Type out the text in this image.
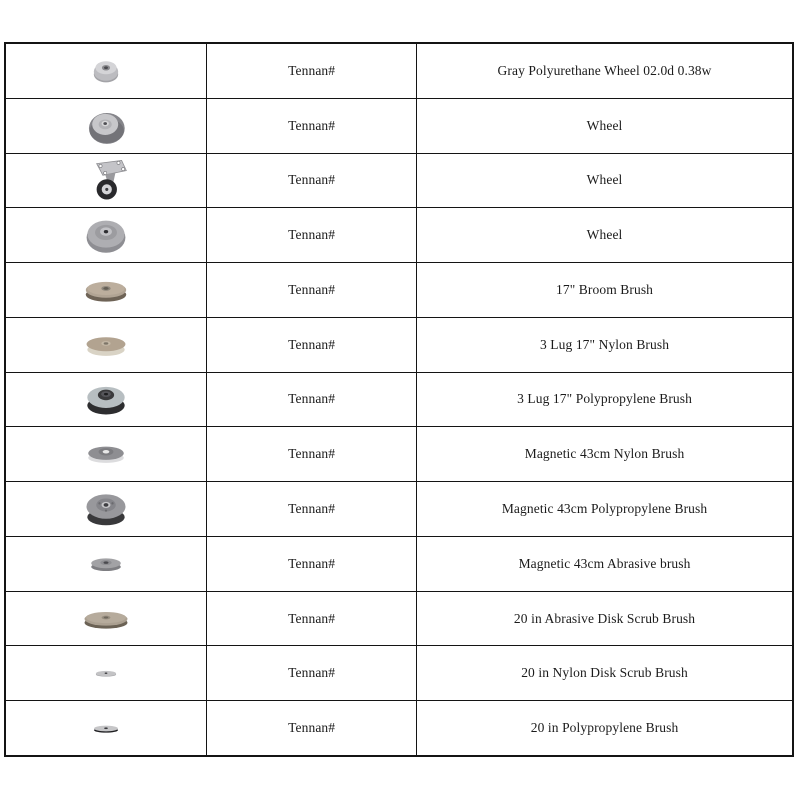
Tennan#	Gray Polyurethane Wheel 02.0d 0.38w
Tennan#	Wheel
Tennan#	Wheel
Tennan#	Wheel
Tennan#	17" Broom Brush
Tennan#	3 Lug 17" Nylon Brush
Tennan#	3 Lug 17" Polypropylene Brush
Tennan#	Magnetic 43cm Nylon Brush
Tennan#	Magnetic 43cm Polypropylene Brush
Tennan#	Magnetic 43cm Abrasive brush
Tennan#	20 in Abrasive Disk Scrub Brush
Tennan#	20 in Nylon Disk Scrub Brush
Tennan#	20 in Polypropylene Brush
